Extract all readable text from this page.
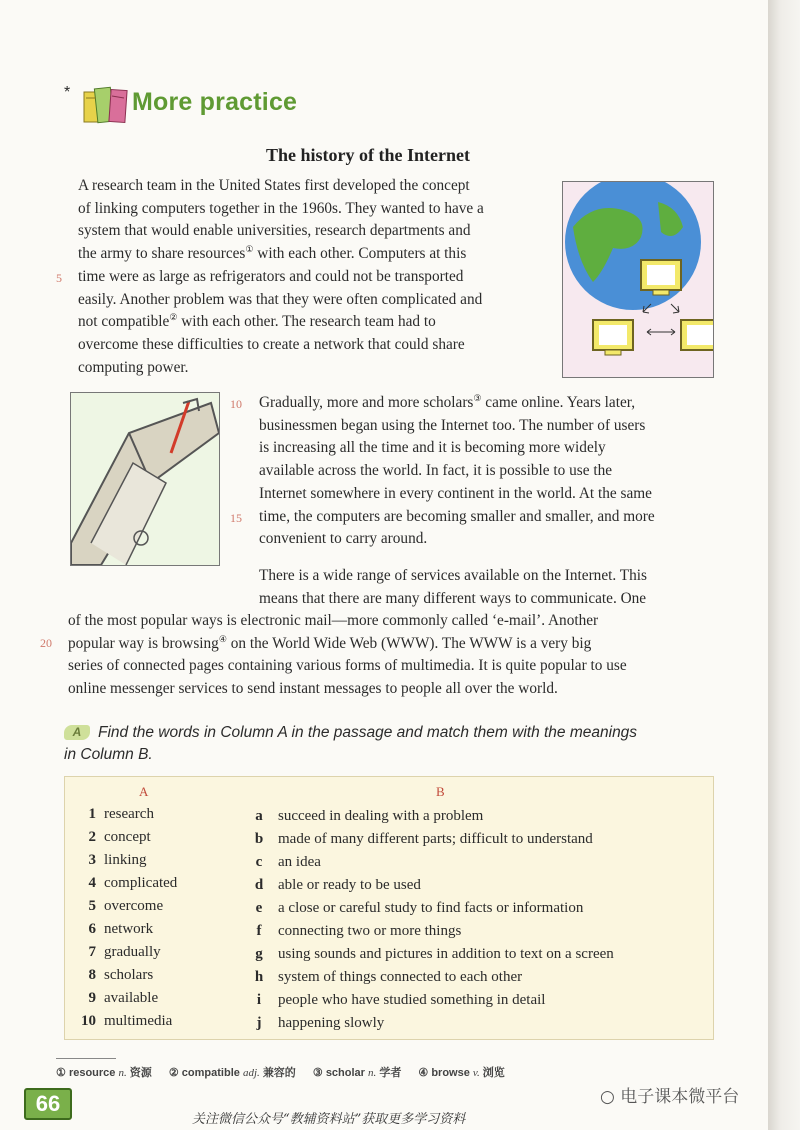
* More practice
The history of the Internet
A research team in the United States first developed the concept
of linking computers together in the 1960s. They wanted to have a
system that would enable universities, research departments and
the army to share resources① with each other. Computers at this
time were as large as refrigerators and could not be transported
easily. Another problem was that they were often complicated and
not compatible② with each other. The research team had to
overcome these difficulties to create a network that could share
computing power.
5
Gradually, more and more scholars③ came online. Years later,
businessmen began using the Internet too. The number of users
is increasing all the time and it is becoming more widely
available across the world. In fact, it is possible to use the
Internet somewhere in every continent in the world. At the same
time, the computers are becoming smaller and smaller, and more
convenient to carry around.
10
15
There is a wide range of services available on the Internet. This
means that there are many different ways to communicate. One
of the most popular ways is electronic mail—more commonly called ‘e-mail’. Another
popular way is browsing④ on the World Wide Web (WWW). The WWW is a very big
series of connected pages containing various forms of multimedia. It is quite popular to use
online messenger services to send instant messages to people all over the world.
20
A Find the words in Column A in the passage and match them with the meanings
in Column B.
A	B
1 research
2 concept
3 linking
4 complicated
5 overcome
6 network
7 gradually
8 scholars
9 available
10 multimedia
a succeed in dealing with a problem
b made of many different parts; difficult to understand
c an idea
d able or ready to be used
e a close or careful study to find facts or information
f connecting two or more things
g using sounds and pictures in addition to text on a screen
h system of things connected to each other
i people who have studied something in detail
j happening slowly
① resource n. 资源 ② compatible adj. 兼容的 ③ scholar n. 学者 ④ browse v. 浏览
66	○ 电子课本微平台
关注微信公众号“教辅资料站”获取更多学习资料
